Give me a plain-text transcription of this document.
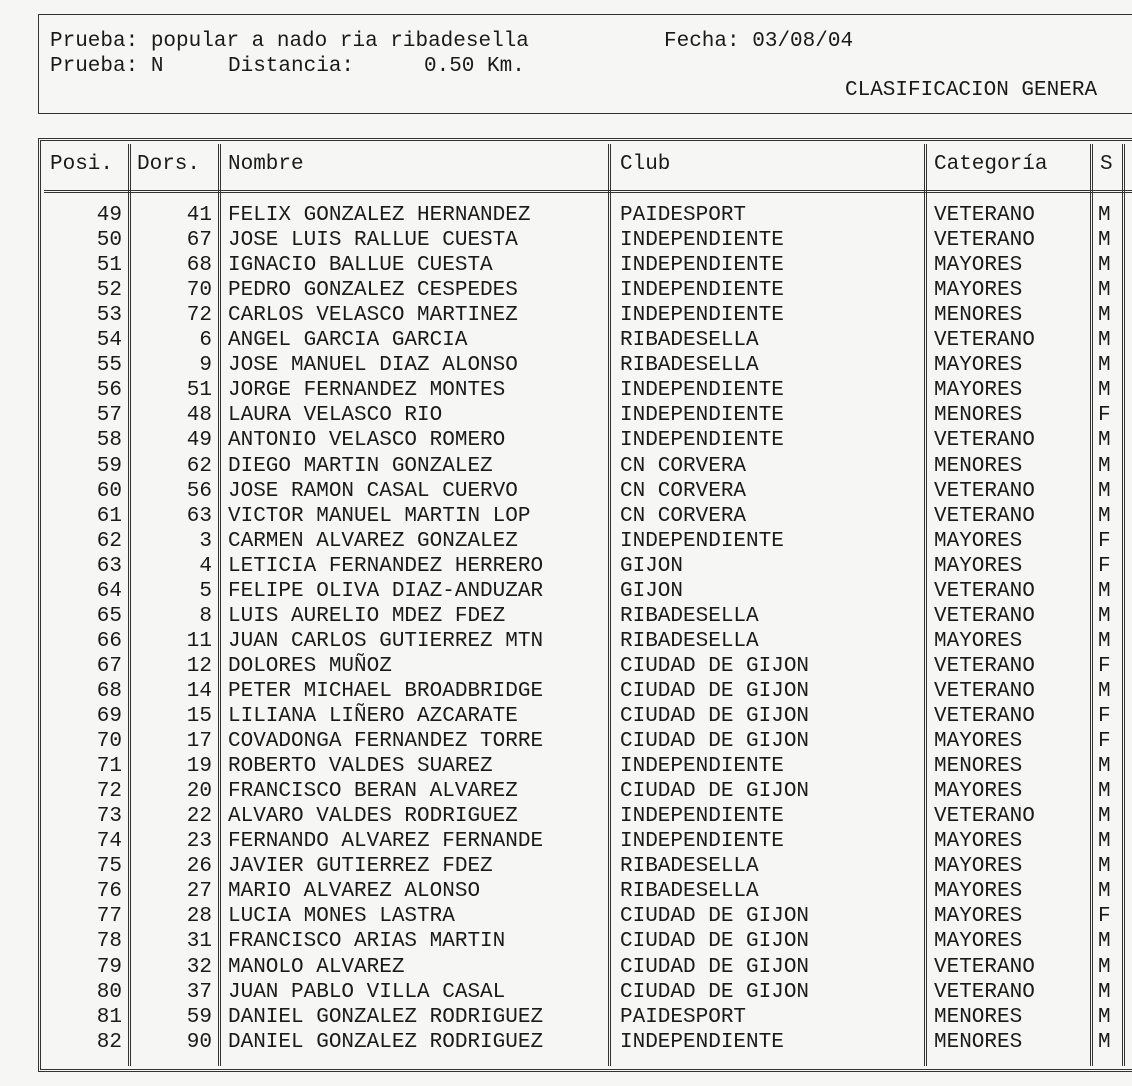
Prueba: popular a nado ria ribadesella	Fecha: 03/08/04
Prueba: N	Distancia:	0.50 Km.
CLASIFICACION GENERA
Posi. Dors. Nombre	Club	Categoría	S
49	41 FELIX GONZALEZ HERNANDEZ	PAIDESPORT	VETERANO	M
50	67 JOSE LUIS RALLUE CUESTA	INDEPENDIENTE	VETERANO	M
51	68 IGNACIO BALLUE CUESTA	INDEPENDIENTE	MAYORES	M
52	70 PEDRO GONZALEZ CESPEDES	INDEPENDIENTE	MAYORES	M
53	72 CARLOS VELASCO MARTINEZ	INDEPENDIENTE	MENORES	M
54	6 ANGEL GARCIA GARCIA	RIBADESELLA	VETERANO	M
55	9 JOSE MANUEL DIAZ ALONSO	RIBADESELLA	MAYORES	M
56	51 JORGE FERNANDEZ MONTES	INDEPENDIENTE	MAYORES	M
57	48 LAURA VELASCO RIO	INDEPENDIENTE	MENORES	F
58	49 ANTONIO VELASCO ROMERO	INDEPENDIENTE	VETERANO	M
59	62 DIEGO MARTIN GONZALEZ	CN CORVERA	MENORES	M
60	56 JOSE RAMON CASAL CUERVO	CN CORVERA	VETERANO	M
61	63 VICTOR MANUEL MARTIN LOP	CN CORVERA	VETERANO	M
62	3 CARMEN ALVAREZ GONZALEZ	INDEPENDIENTE	MAYORES	F
63	4 LETICIA FERNANDEZ HERRERO	GIJON	MAYORES	F
64	5 FELIPE OLIVA DIAZ-ANDUZAR	GIJON	VETERANO	M
65	8 LUIS AURELIO MDEZ FDEZ	RIBADESELLA	VETERANO	M
66	11 JUAN CARLOS GUTIERREZ MTN	RIBADESELLA	MAYORES	M
67	12 DOLORES MUÑOZ	CIUDAD DE GIJON	VETERANO	F
68	14 PETER MICHAEL BROADBRIDGE	CIUDAD DE GIJON	VETERANO	M
69	15 LILIANA LIÑERO AZCARATE	CIUDAD DE GIJON	VETERANO	F
70	17 COVADONGA FERNANDEZ TORRE	CIUDAD DE GIJON	MAYORES	F
71	19 ROBERTO VALDES SUAREZ	INDEPENDIENTE	MENORES	M
72	20 FRANCISCO BERAN ALVAREZ	CIUDAD DE GIJON	MAYORES	M
73	22 ALVARO VALDES RODRIGUEZ	INDEPENDIENTE	VETERANO	M
74	23 FERNANDO ALVAREZ FERNANDE	INDEPENDIENTE	MAYORES	M
75	26 JAVIER GUTIERREZ FDEZ	RIBADESELLA	MAYORES	M
76	27 MARIO ALVAREZ ALONSO	RIBADESELLA	MAYORES	M
77	28 LUCIA MONES LASTRA	CIUDAD DE GIJON	MAYORES	F
78	31 FRANCISCO ARIAS MARTIN	CIUDAD DE GIJON	MAYORES	M
79	32 MANOLO ALVAREZ	CIUDAD DE GIJON	VETERANO	M
80	37 JUAN PABLO VILLA CASAL	CIUDAD DE GIJON	VETERANO	M
81	59 DANIEL GONZALEZ RODRIGUEZ	PAIDESPORT	MENORES	M
82	90 DANIEL GONZALEZ RODRIGUEZ	INDEPENDIENTE	MENORES	M
